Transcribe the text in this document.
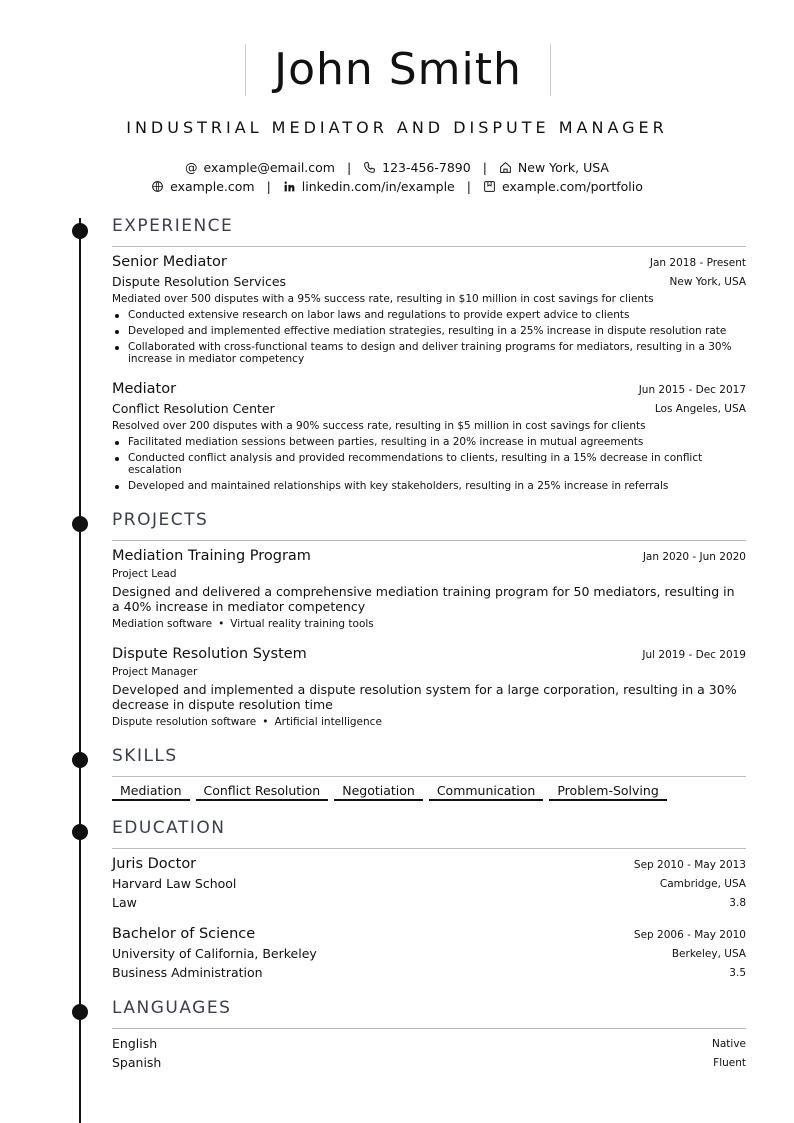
John Smith
INDUSTRIAL MEDIATOR AND DISPUTE MANAGER
@ example@email.com | 123-456-7890 | New York, USA
example.com | linkedin.com/in/example | example.com/portfolio
EXPERIENCE
Senior Mediator	Jan 2018 - Present
Dispute Resolution Services	New York, USA
Mediated over 500 disputes with a 95% success rate, resulting in $10 million in cost savings for clients
Conducted extensive research on labor laws and regulations to provide expert advice to clients
Developed and implemented effective mediation strategies, resulting in a 25% increase in dispute resolution rate
Collaborated with cross-functional teams to design and deliver training programs for mediators, resulting in a 30% increase in mediator competency
Mediator	Jun 2015 - Dec 2017
Conflict Resolution Center	Los Angeles, USA
Resolved over 200 disputes with a 90% success rate, resulting in $5 million in cost savings for clients
Facilitated mediation sessions between parties, resulting in a 20% increase in mutual agreements
Conducted conflict analysis and provided recommendations to clients, resulting in a 15% decrease in conflict escalation
Developed and maintained relationships with key stakeholders, resulting in a 25% increase in referrals
PROJECTS
Mediation Training Program	Jan 2020 - Jun 2020
Project Lead
Designed and delivered a comprehensive mediation training program for 50 mediators, resulting in a 40% increase in mediator competency
Mediation software • Virtual reality training tools
Dispute Resolution System	Jul 2019 - Dec 2019
Project Manager
Developed and implemented a dispute resolution system for a large corporation, resulting in a 30% decrease in dispute resolution time
Dispute resolution software • Artificial intelligence
SKILLS
Mediation Conflict Resolution Negotiation Communication Problem-Solving
EDUCATION
Juris Doctor	Sep 2010 - May 2013
Harvard Law School	Cambridge, USA
Law	3.8
Bachelor of Science	Sep 2006 - May 2010
University of California, Berkeley	Berkeley, USA
Business Administration	3.5
LANGUAGES
English	Native
Spanish	Fluent
